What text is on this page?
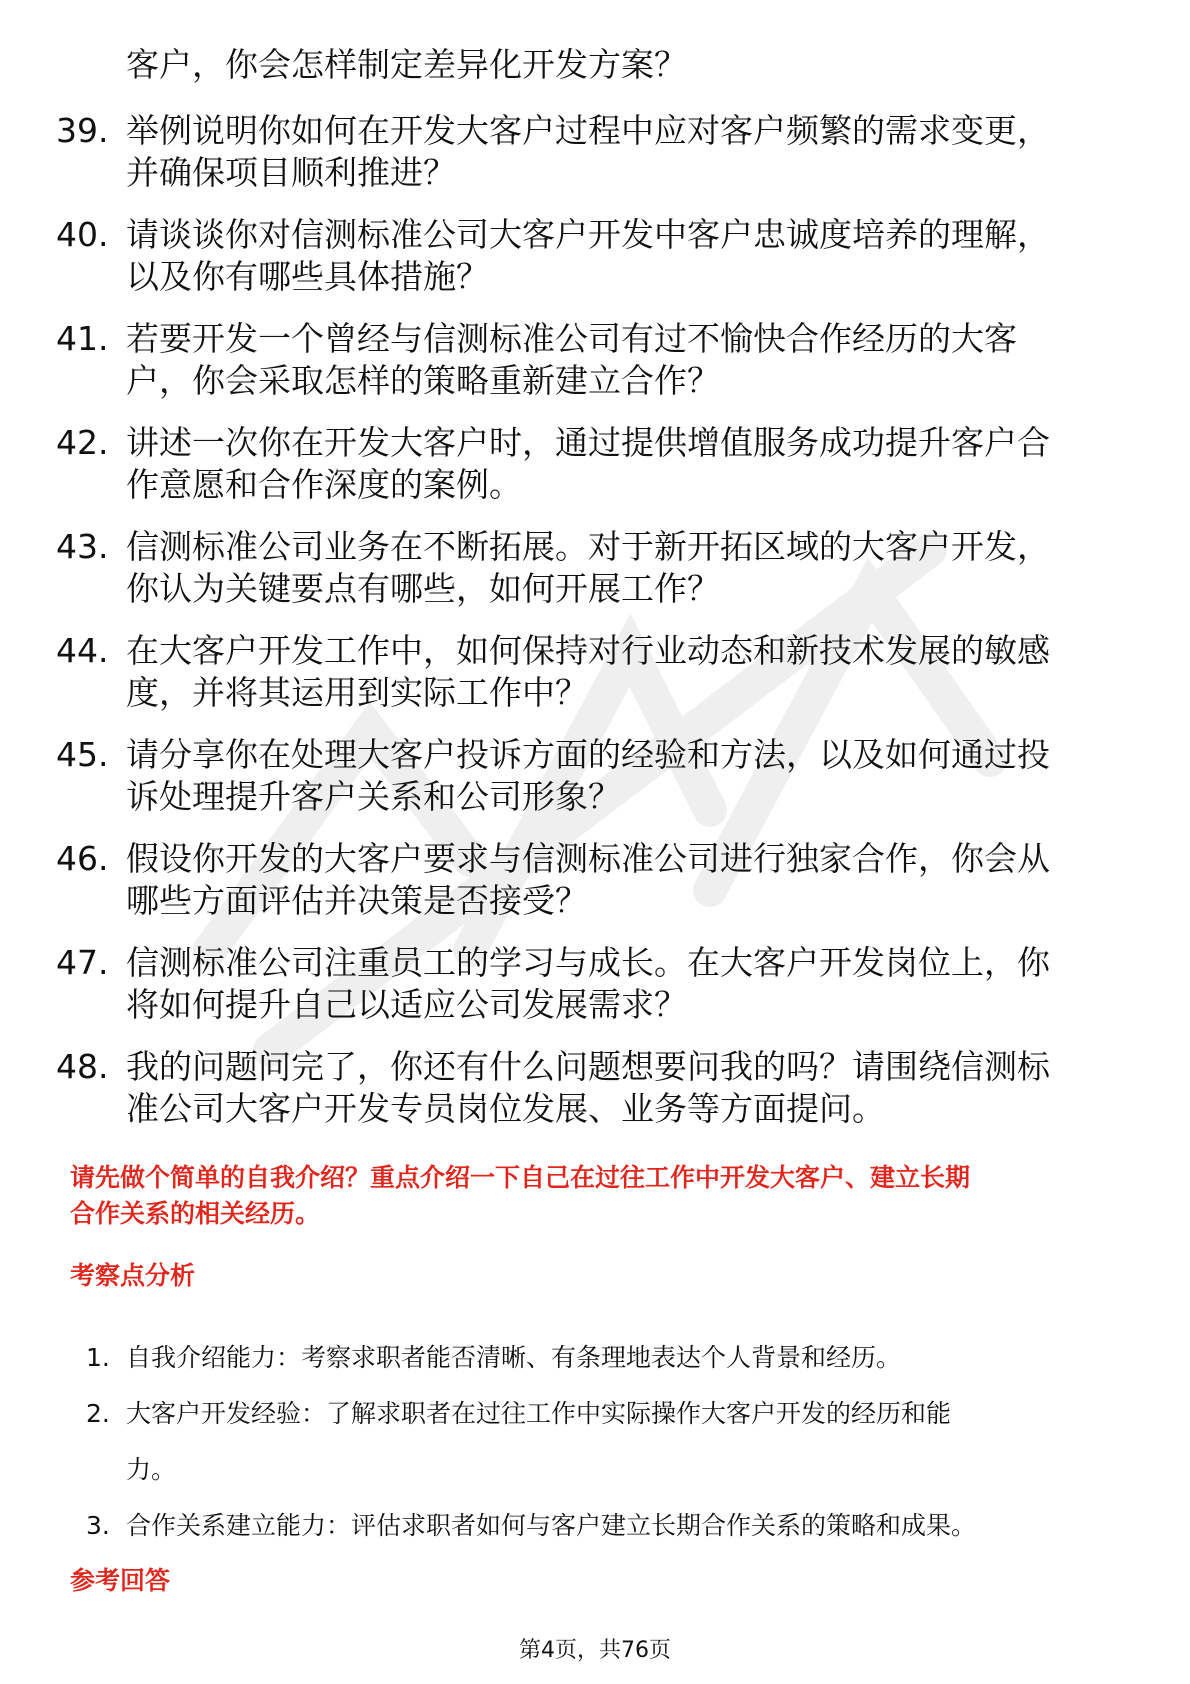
客户，你会怎样制定差异化开发方案？
39. 举例说明你如何在开发大客户过程中应对客户频繁的需求变更，
并确保项目顺利推进？
40. 请谈谈你对信测标准公司大客户开发中客户忠诚度培养的理解，
以及你有哪些具体措施？
41. 若要开发一个曾经与信测标准公司有过不愉快合作经历的大客
户，你会采取怎样的策略重新建立合作？
42. 讲述一次你在开发大客户时，通过提供增值服务成功提升客户合
作意愿和合作深度的案例。
43. 信测标准公司业务在不断拓展。对于新开拓区域的大客户开发，
你认为关键要点有哪些，如何开展工作？
44. 在大客户开发工作中，如何保持对行业动态和新技术发展的敏感
度，并将其运用到实际工作中？
45. 请分享你在处理大客户投诉方面的经验和方法，以及如何通过投
诉处理提升客户关系和公司形象？
46. 假设你开发的大客户要求与信测标准公司进行独家合作，你会从
哪些方面评估并决策是否接受？
47. 信测标准公司注重员工的学习与成长。在大客户开发岗位上，你
将如何提升自己以适应公司发展需求？
48. 我的问题问完了，你还有什么问题想要问我的吗？请围绕信测标
准公司大客户开发专员岗位发展、业务等方面提问。
请先做个简单的自我介绍？重点介绍一下自己在过往工作中开发大客户、建立长期
合作关系的相关经历。
考察点分析
1. 自我介绍能力：考察求职者能否清晰、有条理地表达个人背景和经历。
2. 大客户开发经验：了解求职者在过往工作中实际操作大客户开发的经历和能
力。
3. 合作关系建立能力：评估求职者如何与客户建立长期合作关系的策略和成果。
参考回答
第4页，共76页
